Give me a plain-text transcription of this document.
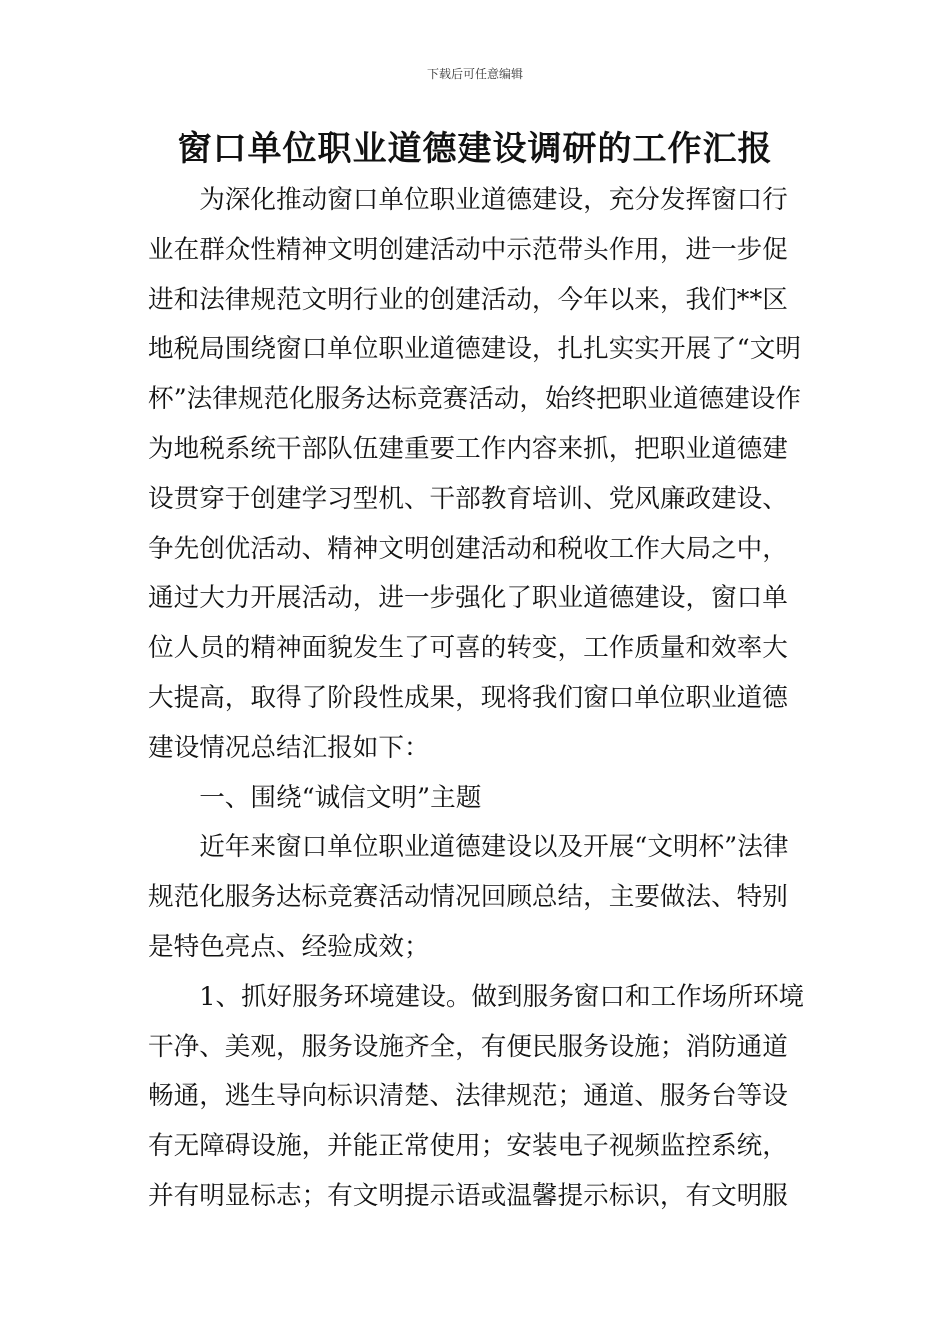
下载后可任意编辑
窗口单位职业道德建设调研的工作汇报

为深化推动窗口单位职业道德建设，充分发挥窗口行业在群众性精神文明创建活动中示范带头作用，进一步促进和法律规范文明行业的创建活动，今年以来，我们**区地税局围绕窗口单位职业道德建设，扎扎实实开展了“文明杯”法律规范化服务达标竞赛活动，始终把职业道德建设作为地税系统干部队伍建重要工作内容来抓，把职业道德建设贯穿于创建学习型机、干部教育培训、党风廉政建设、争先创优活动、精神文明创建活动和税收工作大局之中，通过大力开展活动，进一步强化了职业道德建设，窗口单位人员的精神面貌发生了可喜的转变，工作质量和效率大大提高，取得了阶段性成果，现将我们窗口单位职业道德建设情况总结汇报如下：

一、围绕“诚信文明”主题

近年来窗口单位职业道德建设以及开展“文明杯”法律规范化服务达标竞赛活动情况回顾总结，主要做法、特别是特色亮点、经验成效；

1、抓好服务环境建设。做到服务窗口和工作场所环境干净、美观，服务设施齐全，有便民服务设施；消防通道畅通，逃生导向标识清楚、法律规范；通道、服务台等设有无障碍设施，并能正常使用；安装电子视频监控系统，并有明显标志；有文明提示语或温馨提示标识，有文明服
